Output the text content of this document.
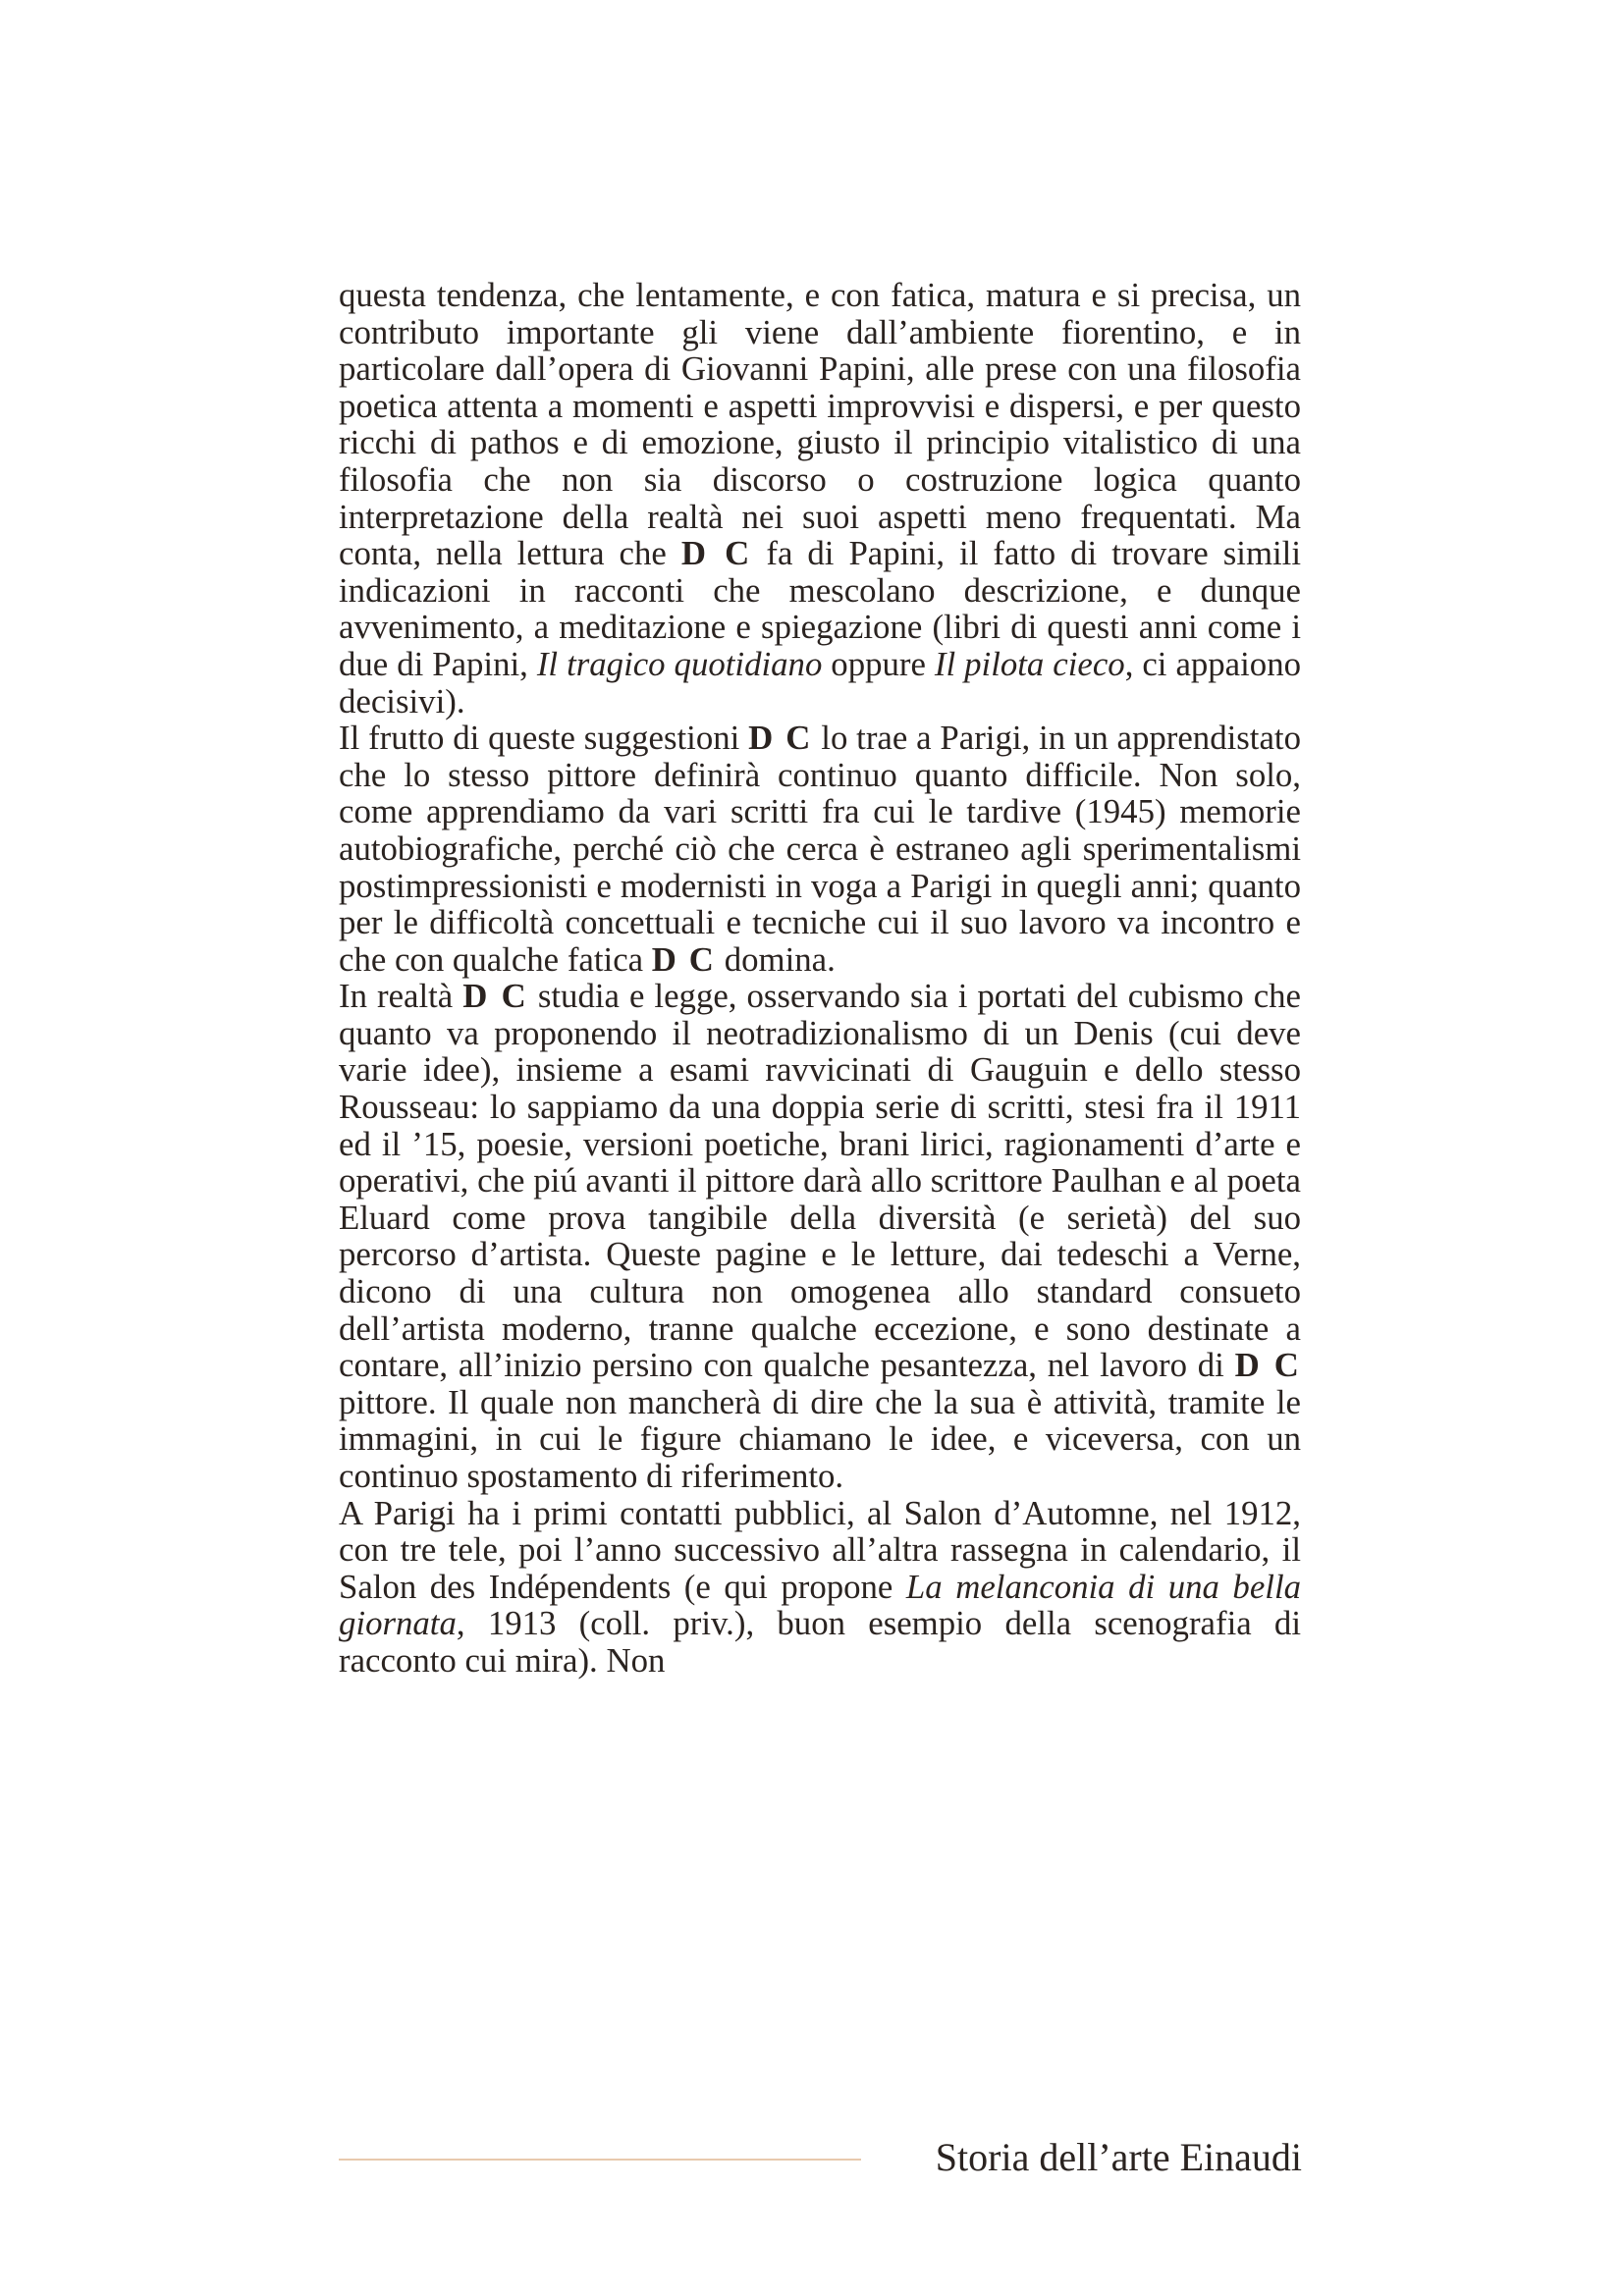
questa tendenza, che lentamente, e con fatica, matura e si precisa, un contributo importante gli viene dall’ambiente fiorentino, e in particolare dall’opera di Giovanni Papini, alle prese con una filosofia poetica attenta a momenti e aspetti improvvisi e dispersi, e per questo ricchi di pathos e di emozione, giusto il principio vitalistico di una filosofia che non sia discorso o costruzione logica quanto interpretazione della realtà nei suoi aspetti meno frequentati. Ma conta, nella lettura che D C fa di Papini, il fatto di trovare simili indicazioni in racconti che mescolano descrizione, e dunque avvenimento, a meditazione e spiegazione (libri di questi anni come i due di Papini, Il tragico quotidiano oppure Il pilota cieco, ci appaiono decisivi).

Il frutto di queste suggestioni D C lo trae a Parigi, in un apprendistato che lo stesso pittore definirà continuo quanto difficile. Non solo, come apprendiamo da vari scritti fra cui le tardive (1945) memorie autobiografiche, perché ciò che cerca è estraneo agli sperimentalismi postimpressionisti e modernisti in voga a Parigi in quegli anni; quanto per le difficoltà concettuali e tecniche cui il suo lavoro va incontro e che con qualche fatica D C domina.

In realtà D C studia e legge, osservando sia i portati del cubismo che quanto va proponendo il neotradizionalismo di un Denis (cui deve varie idee), insieme a esami ravvicinati di Gauguin e dello stesso Rousseau: lo sappiamo da una doppia serie di scritti, stesi fra il 1911 ed il ’15, poesie, versioni poetiche, brani lirici, ragionamenti d’arte e operativi, che piú avanti il pittore darà allo scrittore Paulhan e al poeta Eluard come prova tangibile della diversità (e serietà) del suo percorso d’artista. Queste pagine e le letture, dai tedeschi a Verne, dicono di una cultura non omogenea allo standard consueto dell’artista moderno, tranne qualche eccezione, e sono destinate a contare, all’inizio persino con qualche pesantezza, nel lavoro di D C pittore. Il quale non mancherà di dire che la sua è attività, tramite le immagini, in cui le figure chiamano le idee, e viceversa, con un continuo spostamento di riferimento.

A Parigi ha i primi contatti pubblici, al Salon d’Automne, nel 1912, con tre tele, poi l’anno successivo all’altra rassegna in calendario, il Salon des Indépendents (e qui propone La melanconia di una bella giornata, 1913 (coll. priv.), buon esempio della scenografia di racconto cui mira). Non

Storia dell’arte Einaudi
